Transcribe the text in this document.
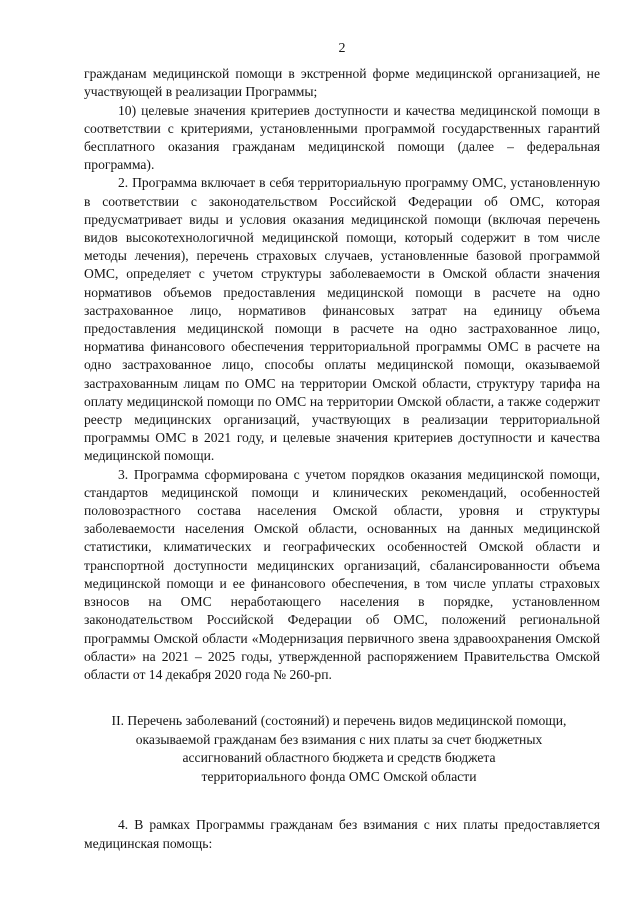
2

гражданам медицинской помощи в экстренной форме медицинской организацией, не участвующей в реализации Программы;

10) целевые значения критериев доступности и качества медицинской помощи в соответствии с критериями, установленными программой государственных гарантий бесплатного оказания гражданам медицинской помощи (далее – федеральная программа).

2. Программа включает в себя территориальную программу ОМС, установленную в соответствии с законодательством Российской Федерации об ОМС, которая предусматривает виды и условия оказания медицинской помощи (включая перечень видов высокотехнологичной медицинской помощи, который содержит в том числе методы лечения), перечень страховых случаев, установленные базовой программой ОМС, определяет с учетом структуры заболеваемости в Омской области значения нормативов объемов предоставления медицинской помощи в расчете на одно застрахованное лицо, нормативов финансовых затрат на единицу объема предоставления медицинской помощи в расчете на одно застрахованное лицо, норматива финансового обеспечения территориальной программы ОМС в расчете на одно застрахованное лицо, способы оплаты медицинской помощи, оказываемой застрахованным лицам по ОМС на территории Омской области, структуру тарифа на оплату медицинской помощи по ОМС на территории Омской области, а также содержит реестр медицинских организаций, участвующих в реализации территориальной программы ОМС в 2021 году, и целевые значения критериев доступности и качества медицинской помощи.

3. Программа сформирована с учетом порядков оказания медицинской помощи, стандартов медицинской помощи и клинических рекомендаций, особенностей половозрастного состава населения Омской области, уровня и структуры заболеваемости населения Омской области, основанных на данных медицинской статистики, климатических и географических особенностей Омской области и транспортной доступности медицинских организаций, сбалансированности объема медицинской помощи и ее финансового обеспечения, в том числе уплаты страховых взносов на ОМС неработающего населения в порядке, установленном законодательством Российской Федерации об ОМС, положений региональной программы Омской области «Модернизация первичного звена здравоохранения Омской области» на 2021 – 2025 годы, утвержденной распоряжением Правительства Омской области от 14 декабря 2020 года № 260-рп.

II. Перечень заболеваний (состояний) и перечень видов медицинской помощи,
оказываемой гражданам без взимания с них платы за счет бюджетных
ассигнований областного бюджета и средств бюджета
территориального фонда ОМС Омской области

4. В рамках Программы гражданам без взимания с них платы предоставляется медицинская помощь:
